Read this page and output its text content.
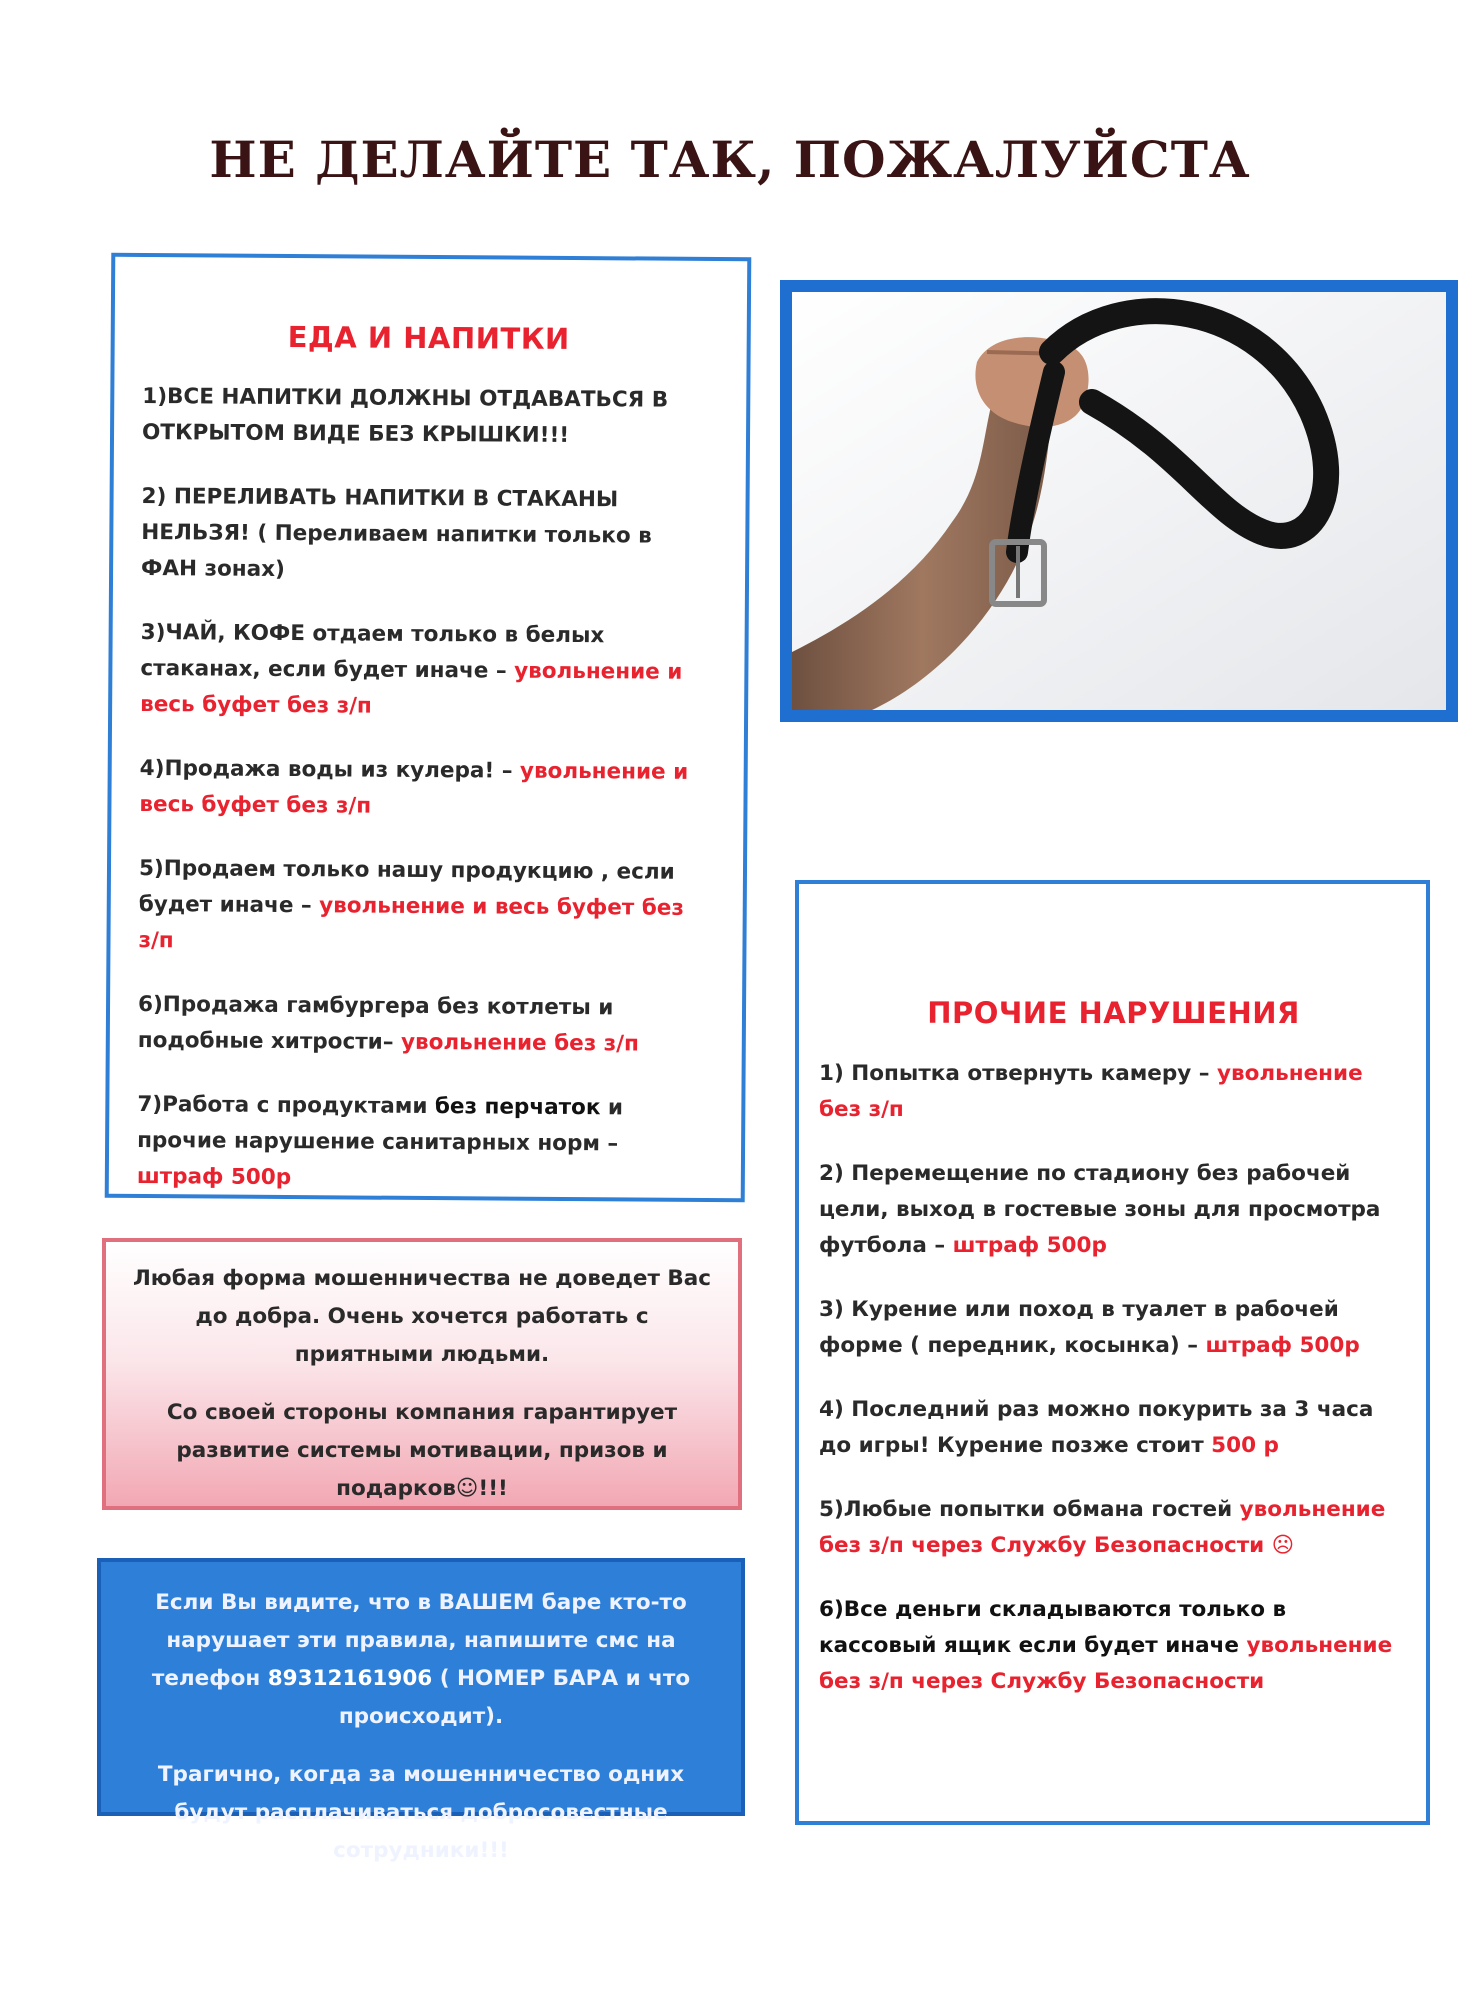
НЕ ДЕЛАЙТЕ ТАК, ПОЖАЛУЙСТА
ЕДА И НАПИТКИ

1)ВСЕ НАПИТКИ ДОЛЖНЫ ОТДАВАТЬСЯ В ОТКРЫТОМ ВИДЕ БЕЗ КРЫШКИ!!!

2) ПЕРЕЛИВАТЬ НАПИТКИ В СТАКАНЫ НЕЛЬЗЯ! ( Переливаем напитки только в ФАН зонах)

3)ЧАЙ, КОФЕ отдаем только в белых стаканах, если будет иначе – увольнение и весь буфет без з/п

4)Продажа воды из кулера! – увольнение и весь буфет без з/п

5)Продаем только нашу продукцию , если будет иначе – увольнение и весь буфет без з/п

6)Продажа гамбургера без котлеты и подобные хитрости– увольнение без з/п

7)Работа с продуктами без перчаток и прочие нарушение санитарных норм – штраф 500р

Любая форма мошенничества не доведет Вас до добра. Очень хочется работать с приятными людьми.

Со своей стороны компания гарантирует развитие системы мотивации, призов и подарков☺!!!

Если Вы видите, что в ВАШЕМ баре кто-то нарушает эти правила, напишите смс на телефон 89312161906 ( НОМЕР БАРА и что происходит).

Трагично, когда за мошенничество одних будут расплачиваться добросовестные сотрудники!!!

ПРОЧИЕ НАРУШЕНИЯ

1) Попытка отвернуть камеру – увольнение без з/п

2) Перемещение по стадиону без рабочей цели, выход в гостевые зоны для просмотра футбола – штраф 500р

3) Курение или поход в туалет в рабочей форме ( передник, косынка) – штраф 500р

4) Последний раз можно покурить за 3 часа до игры! Курение позже стоит 500 р

5)Любые попытки обмана гостей увольнение без з/п через Службу Безопасности ☹

6)Все деньги складываются только в кассовый ящик если будет иначе увольнение без з/п через Службу Безопасности
